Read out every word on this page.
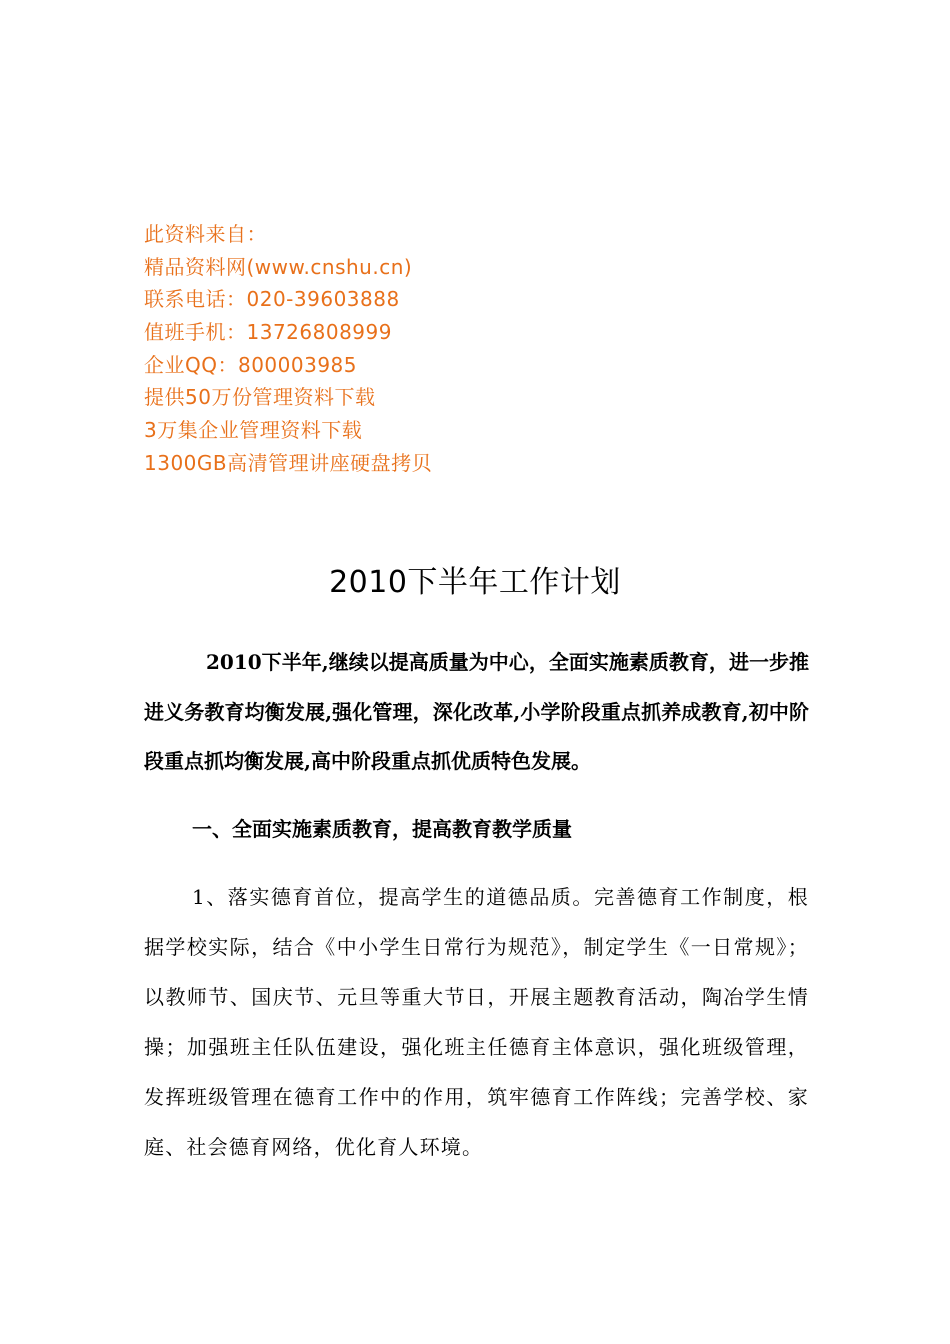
此资料来自：
精品资料网(www.cnshu.cn)
联系电话：020-39603888
值班手机：13726808999
企业QQ：800003985
提供50万份管理资料下载
3万集企业管理资料下载
1300GB高清管理讲座硬盘拷贝
2010下半年工作计划

2010下半年,继续以提高质量为中心，全面实施素质教育，进一步推进义务教育均衡发展,强化管理，深化改革,小学阶段重点抓养成教育,初中阶段重点抓均衡发展,高中阶段重点抓优质特色发展。

一、全面实施素质教育，提高教育教学质量

1、落实德育首位，提高学生的道德品质。完善德育工作制度，根据学校实际，结合《中小学生日常行为规范》，制定学生《一日常规》；以教师节、国庆节、元旦等重大节日，开展主题教育活动，陶冶学生情操；加强班主任队伍建设，强化班主任德育主体意识，强化班级管理，发挥班级管理在德育工作中的作用，筑牢德育工作阵线；完善学校、家庭、社会德育网络，优化育人环境。
